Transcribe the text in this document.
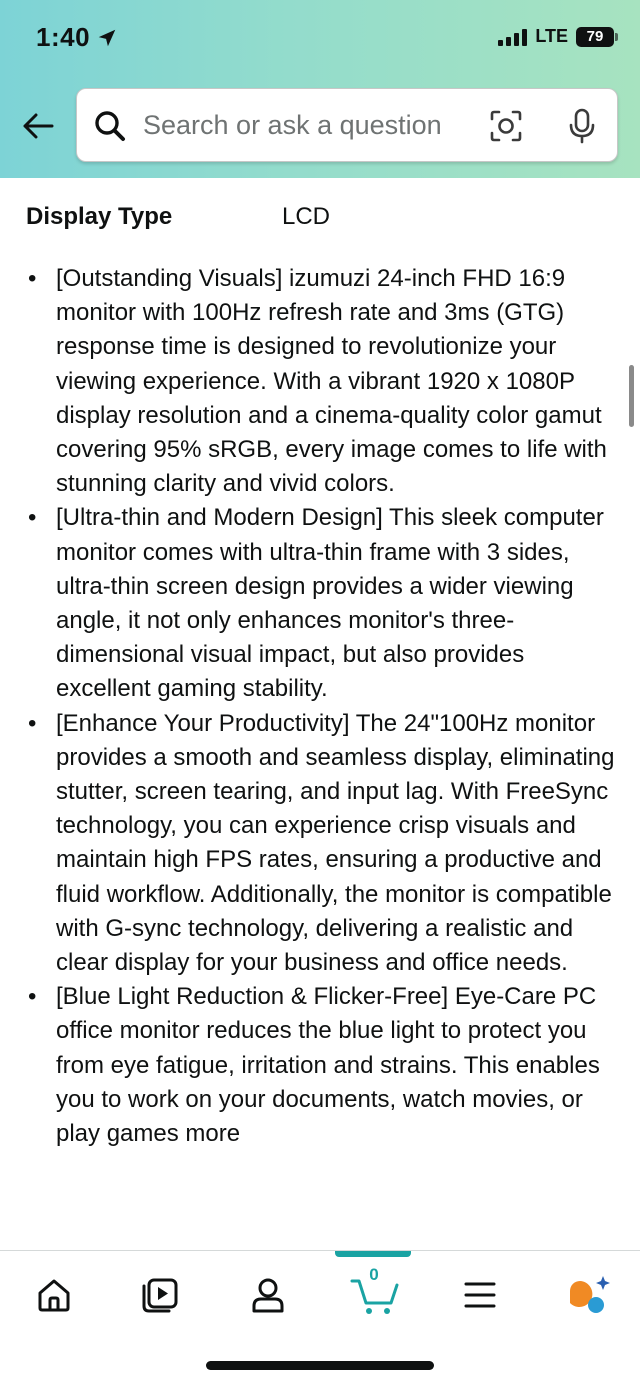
1:40	LTE 79
Search or ask a question
Display Type	LCD
• [Outstanding Visuals] izumuzi 24-inch FHD 16:9 monitor with 100Hz refresh rate and 3ms (GTG) response time is designed to revolutionize your viewing experience. With a vibrant 1920 x 1080P display resolution and a cinema-quality color gamut covering 95% sRGB, every image comes to life with stunning clarity and vivid colors.
• [Ultra-thin and Modern Design] This sleek computer monitor comes with ultra-thin frame with 3 sides, ultra-thin screen design provides a wider viewing angle, it not only enhances monitor's three-dimensional visual impact, but also provides excellent gaming stability.
• [Enhance Your Productivity] The 24"100Hz monitor provides a smooth and seamless display, eliminating stutter, screen tearing, and input lag. With FreeSync technology, you can experience crisp visuals and maintain high FPS rates, ensuring a productive and fluid workflow. Additionally, the monitor is compatible with G-sync technology, delivering a realistic and clear display for your business and office needs.
• [Blue Light Reduction & Flicker-Free] Eye-Care PC office monitor reduces the blue light to protect you from eye fatigue, irritation and strains. This enables you to work on your documents, watch movies, or play games more
0
